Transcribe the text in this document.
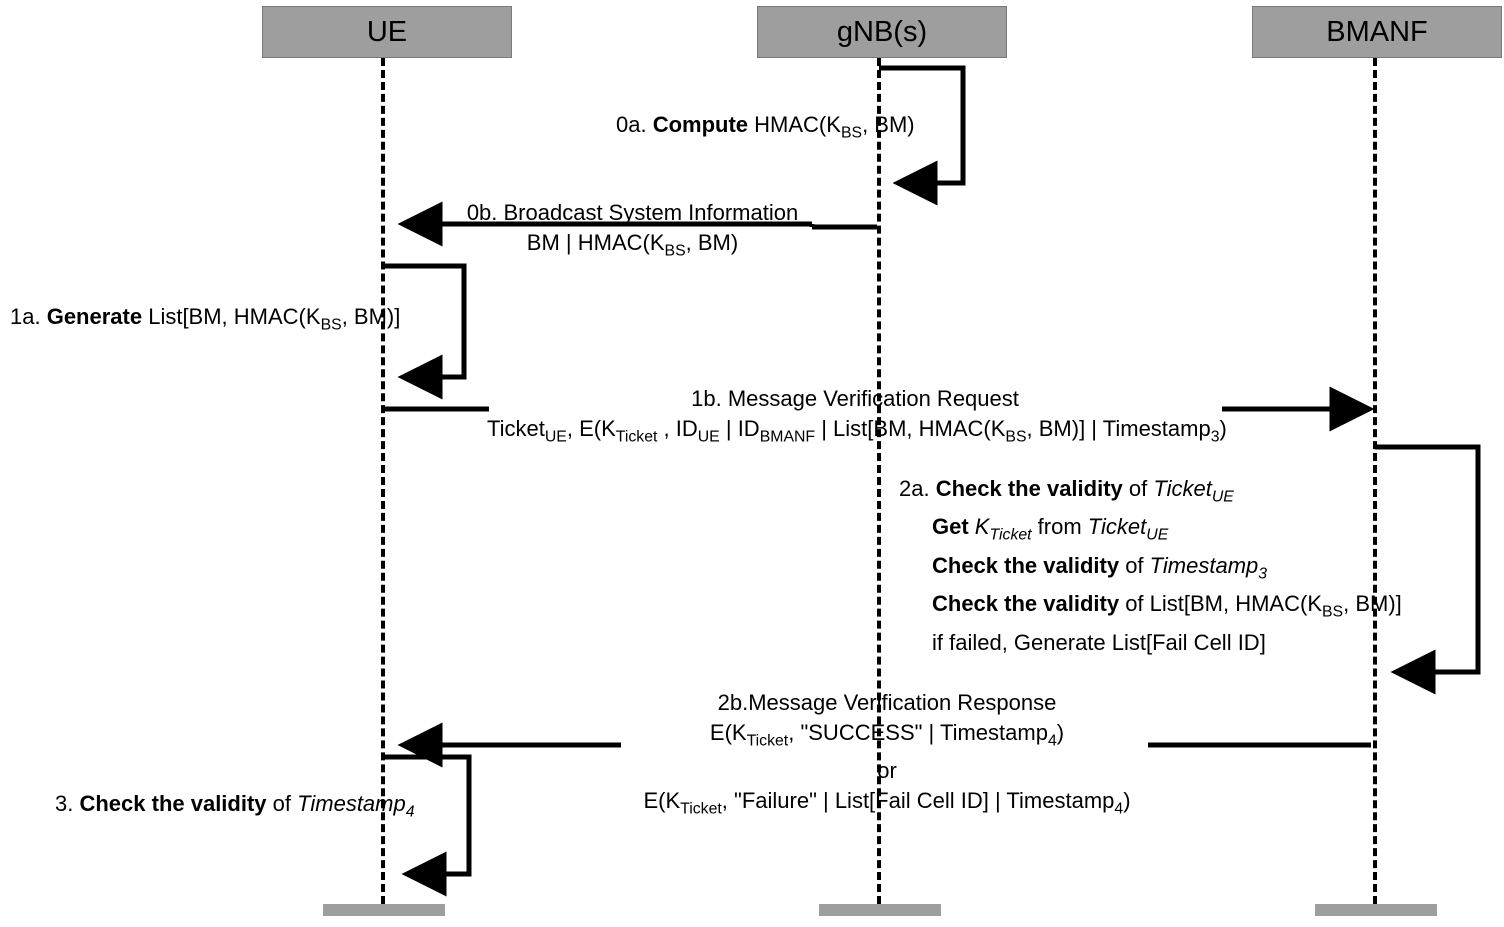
UE	gNB(s)	BMANF
0a. Compute $HMAC(K_{BS}$, BM)
0b. Broadcast System Information
BM | $HMAC(K_{BS}$, BM)
1a. Generate List[BM, $HMAC(K_{BS}$, BM)]
1b. Message Verification Request
Ticket$_{UE}$, $E(K_{Ticket}$ , $ID_{UE}$ | $ID_{BMANF}$ | List[BM, $HMAC(K_{BS}$, BM)] | Timestamp$_3$)
2a. Check the validity of Ticket$_{UE}$
Get $K_{Ticket}$ from Ticket$_{UE}$
Check the validity of Timestamp$_3$
Check the validity of List[BM, $HMAC(K_{BS}$, BM)]
if failed, Generate List[Fail Cell ID]
2b.Message Verification Response
$E(K_{Ticket}$, "SUCCESS" | Timestamp$_4$)
or
$E(K_{Ticket}$, "Failure" | List[Fail Cell ID] | Timestamp$_4$)
3. Check the validity of Timestamp$_4$
